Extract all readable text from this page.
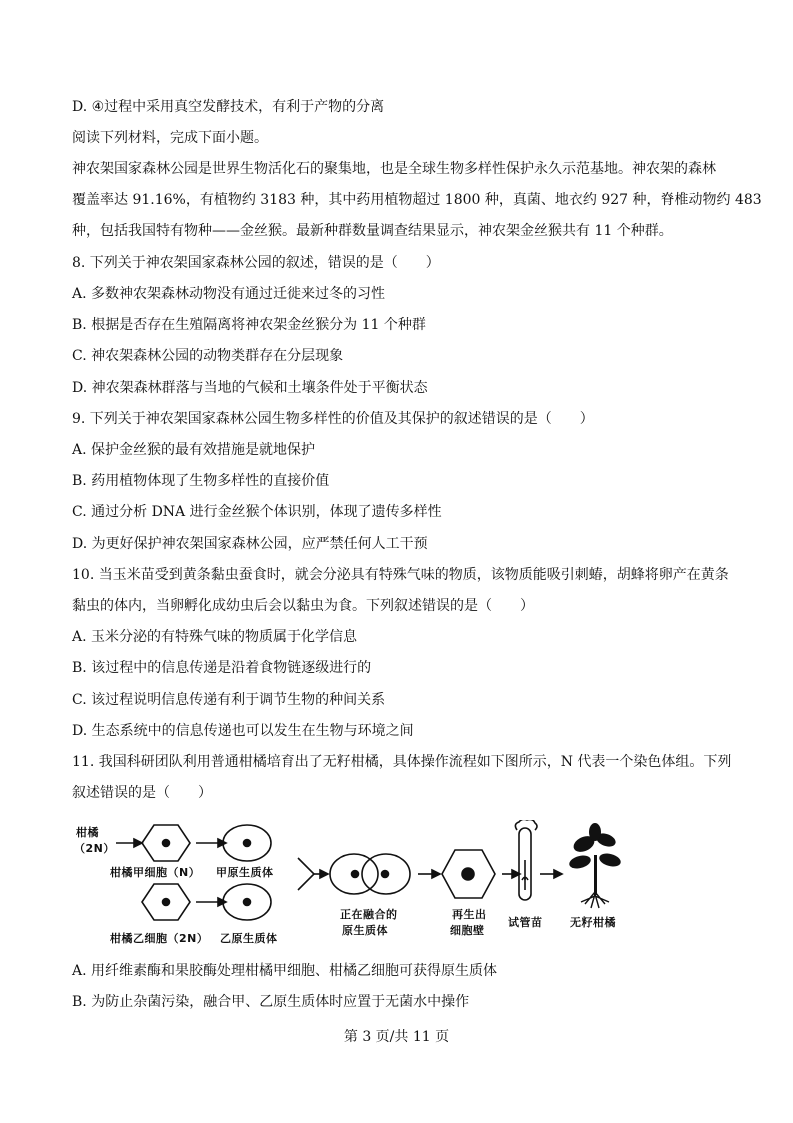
D. ④过程中采用真空发酵技术，有利于产物的分离
阅读下列材料，完成下面小题。
神农架国家森林公园是世界生物活化石的聚集地，也是全球生物多样性保护永久示范基地。神农架的森林
覆盖率达 91.16%，有植物约 3183 种，其中药用植物超过 1800 种，真菌、地衣约 927 种，脊椎动物约 483
种，包括我国特有物种——金丝猴。最新种群数量调查结果显示，神农架金丝猴共有 11 个种群。
8. 下列关于神农架国家森林公园的叙述，错误的是（　　）
A. 多数神农架森林动物没有通过迁徙来过冬的习性
B. 根据是否存在生殖隔离将神农架金丝猴分为 11 个种群
C. 神农架森林公园的动物类群存在分层现象
D. 神农架森林群落与当地的气候和土壤条件处于平衡状态
9. 下列关于神农架国家森林公园生物多样性的价值及其保护的叙述错误的是（　　）
A. 保护金丝猴的最有效措施是就地保护
B. 药用植物体现了生物多样性的直接价值
C. 通过分析 DNA 进行金丝猴个体识别，体现了遗传多样性
D. 为更好保护神农架国家森林公园，应严禁任何人工干预
10. 当玉米苗受到黄条黏虫蚕食时，就会分泌具有特殊气味的物质，该物质能吸引刺蝽，胡蜂将卵产在黄条
黏虫的体内，当卵孵化成幼虫后会以黏虫为食。下列叙述错误的是（　　）
A. 玉米分泌的有特殊气味的物质属于化学信息
B. 该过程中的信息传递是沿着食物链逐级进行的
C. 该过程说明信息传递有利于调节生物的种间关系
D. 生态系统中的信息传递也可以发生在生物与环境之间
11. 我国科研团队利用普通柑橘培育出了无籽柑橘，具体操作流程如下图所示，N 代表一个染色体组。下列
叙述错误的是（　　）
柑橘
（2N）
柑橘甲细胞（N） 甲原生质体
柑橘乙细胞（2N） 乙原生质体
正在融合的
原生质体
再生出
细胞壁
试管苗	无籽柑橘
A. 用纤维素酶和果胶酶处理柑橘甲细胞、柑橘乙细胞可获得原生质体
B. 为防止杂菌污染，融合甲、乙原生质体时应置于无菌水中操作
第 3 页/共 11 页
